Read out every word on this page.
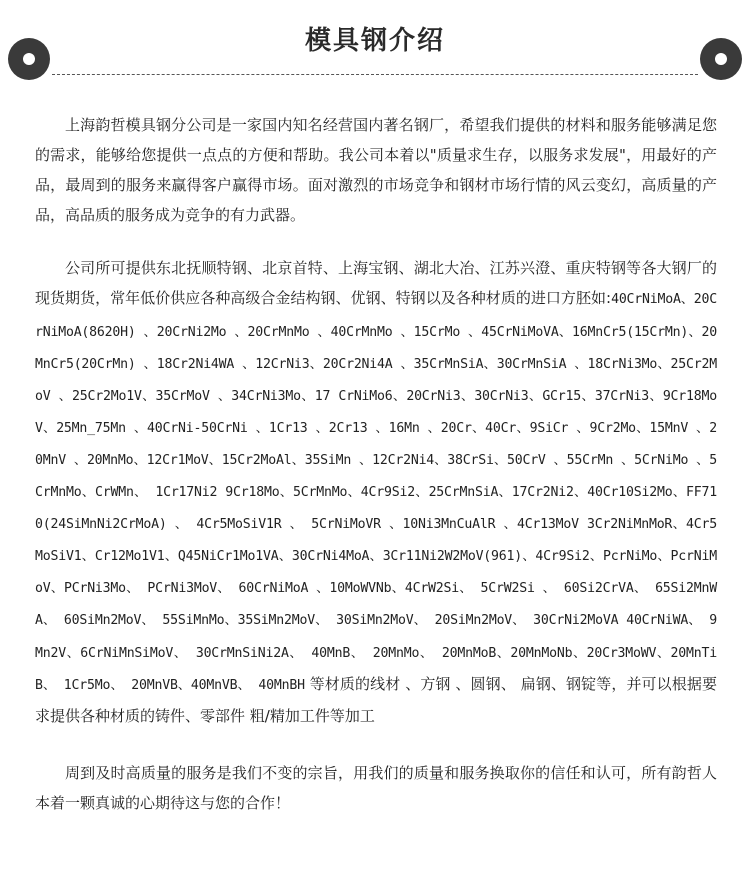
模具钢介绍

上海韵哲模具钢分公司是一家国内知名经营国内著名钢厂，希望我们提供的材料和服务能够满足您的需求，能够给您提供一点点的方便和帮助。我公司本着以"质量求生存，以服务求发展"，用最好的产品，最周到的服务来赢得客户赢得市场。面对激烈的市场竞争和钢材市场行情的风云变幻，高质量的产品，高品质的服务成为竞争的有力武器。

公司所可提供东北抚顺特钢、北京首特、上海宝钢、湖北大冶、江苏兴澄、重庆特钢等各大钢厂的现货期货，常年低价供应各种高级合金结构钢、优钢、特钢以及各种材质的进口方胚如:40CrNiMoA、20CrNiMoA(8620H) 、20CrNi2Mo 、20CrMnMo 、40CrMnMo 、15CrMo 、45CrNiMoVA、16MnCr5(15CrMn)、20MnCr5(20CrMn) 、18Cr2Ni4WA 、12CrNi3、20Cr2Ni4A 、35CrMnSiA、30CrMnSiA 、18CrNi3Mo、25Cr2MoV 、25Cr2Mo1V、35CrMoV 、34CrNi3Mo、17 CrNiMo6、20CrNi3、30CrNi3、GCr15、37CrNi3、9Cr18MoV、25Mn_75Mn 、40CrNi-50CrNi 、1Cr13 、2Cr13 、16Mn 、20Cr、40Cr、9SiCr 、9Cr2Mo、15MnV 、20MnV 、20MnMo、12Cr1MoV、15Cr2MoAl、35SiMn 、12Cr2Ni4、38CrSi、50CrV 、55CrMn 、5CrNiMo 、5CrMnMo、CrWMn、 1Cr17Ni2 9Cr18Mo、5CrMnMo、4Cr9Si2、25CrMnSiA、17Cr2Ni2、40Cr10Si2Mo、FF710(24SiMnNi2CrMoA) 、 4Cr5MoSiV1R 、 5CrNiMoVR 、10Ni3MnCuAlR 、4Cr13MoV 3Cr2NiMnMoR、4Cr5MoSiV1、Cr12Mo1V1、Q45NiCr1Mo1VA、30CrNi4MoA、3Cr11Ni2W2MoV(961)、4Cr9Si2、PcrNiMo、PcrNiMoV、PCrNi3Mo、 PCrNi3MoV、 60CrNiMoA 、10MoWVNb、4CrW2Si、 5CrW2Si 、 60Si2CrVA、 65Si2MnWA、 60SiMn2MoV、 55SiMnMo、35SiMn2MoV、 30SiMn2MoV、 20SiMn2MoV、 30CrNi2MoVA 40CrNiWA、 9Mn2V、6CrNiMnSiMoV、 30CrMnSiNi2A、 40MnB、 20MnMo、 20MnMoB、20MnMoNb、20Cr3MoWV、20MnTiB、 1Cr5Mo、 20MnVB、40MnVB、 40MnBH 等材质的线材 、方钢 、圆钢、 扁钢、钢锭等，并可以根据要求提供各种材质的铸件、零部件 粗/精加工件等加工

周到及时高质量的服务是我们不变的宗旨，用我们的质量和服务换取你的信任和认可，所有韵哲人本着一颗真诚的心期待这与您的合作！
